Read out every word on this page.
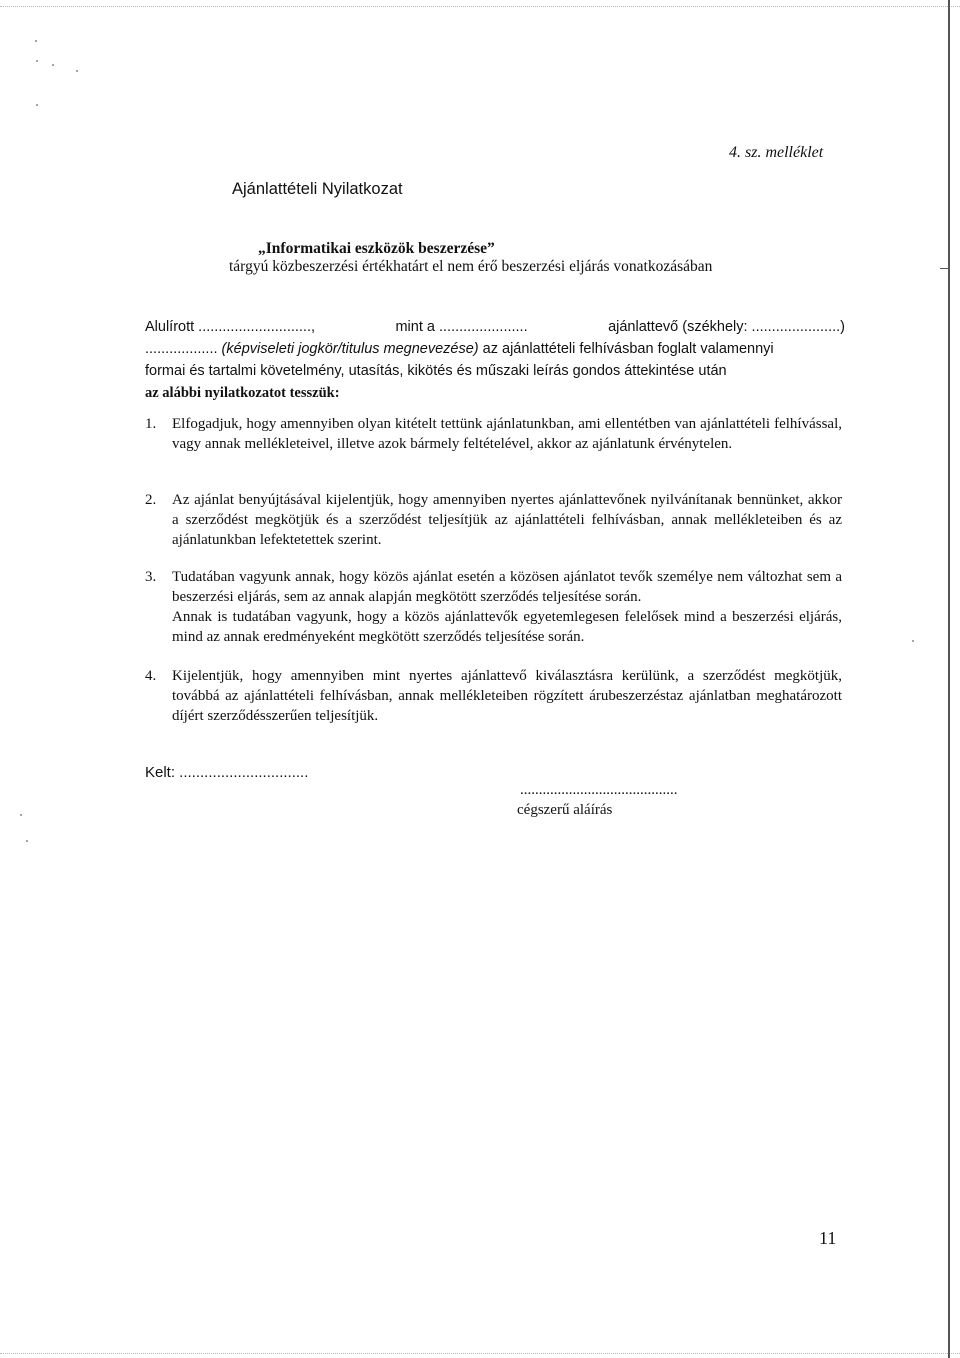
4. sz. melléklet
Ajánlattételi Nyilatkozat
„Informatikai eszközök beszerzése”
tárgyú közbeszerzési értékhatárt el nem érő beszerzési eljárás vonatkozásában
Alulírott ............................,	mint a ......................	ajánlattevő (székhely: ......................)
.................. (képviseleti jogkör/titulus megnevezése) az ajánlattételi felhívásban foglalt valamennyi
formai és tartalmi követelmény, utasítás, kikötés és műszaki leírás gondos áttekintése után
az alábbi nyilatkozatot tesszük:
1. Elfogadjuk, hogy amennyiben olyan kitételt tettünk ajánlatunkban, ami ellentétben van ajánlattételi felhívással, vagy annak mellékleteivel, illetve azok bármely feltételével, akkor az ajánlatunk érvénytelen.
2. Az ajánlat benyújtásával kijelentjük, hogy amennyiben nyertes ajánlattevőnek nyilvánítanak bennünket, akkor a szerződést megkötjük és a szerződést teljesítjük az ajánlattételi felhívásban, annak mellékleteiben és az ajánlatunkban lefektetettek szerint.
3. Tudatában vagyunk annak, hogy közös ajánlat esetén a közösen ajánlatot tevők személye nem változhat sem a beszerzési eljárás, sem az annak alapján megkötött szerződés teljesítése során.
Annak is tudatában vagyunk, hogy a közös ajánlattevők egyetemlegesen felelősek mind a beszerzési eljárás, mind az annak eredményeként megkötött szerződés teljesítése során.
4. Kijelentjük, hogy amennyiben mint nyertes ajánlattevő kiválasztásra kerülünk, a szerződést megkötjük, továbbá az ajánlattételi felhívásban, annak mellékleteiben rögzített árubeszerzéstaz ajánlatban meghatározott díjért szerződésszerűen teljesítjük.
Kelt: ...............................
..........................................
cégszerű aláírás
11
